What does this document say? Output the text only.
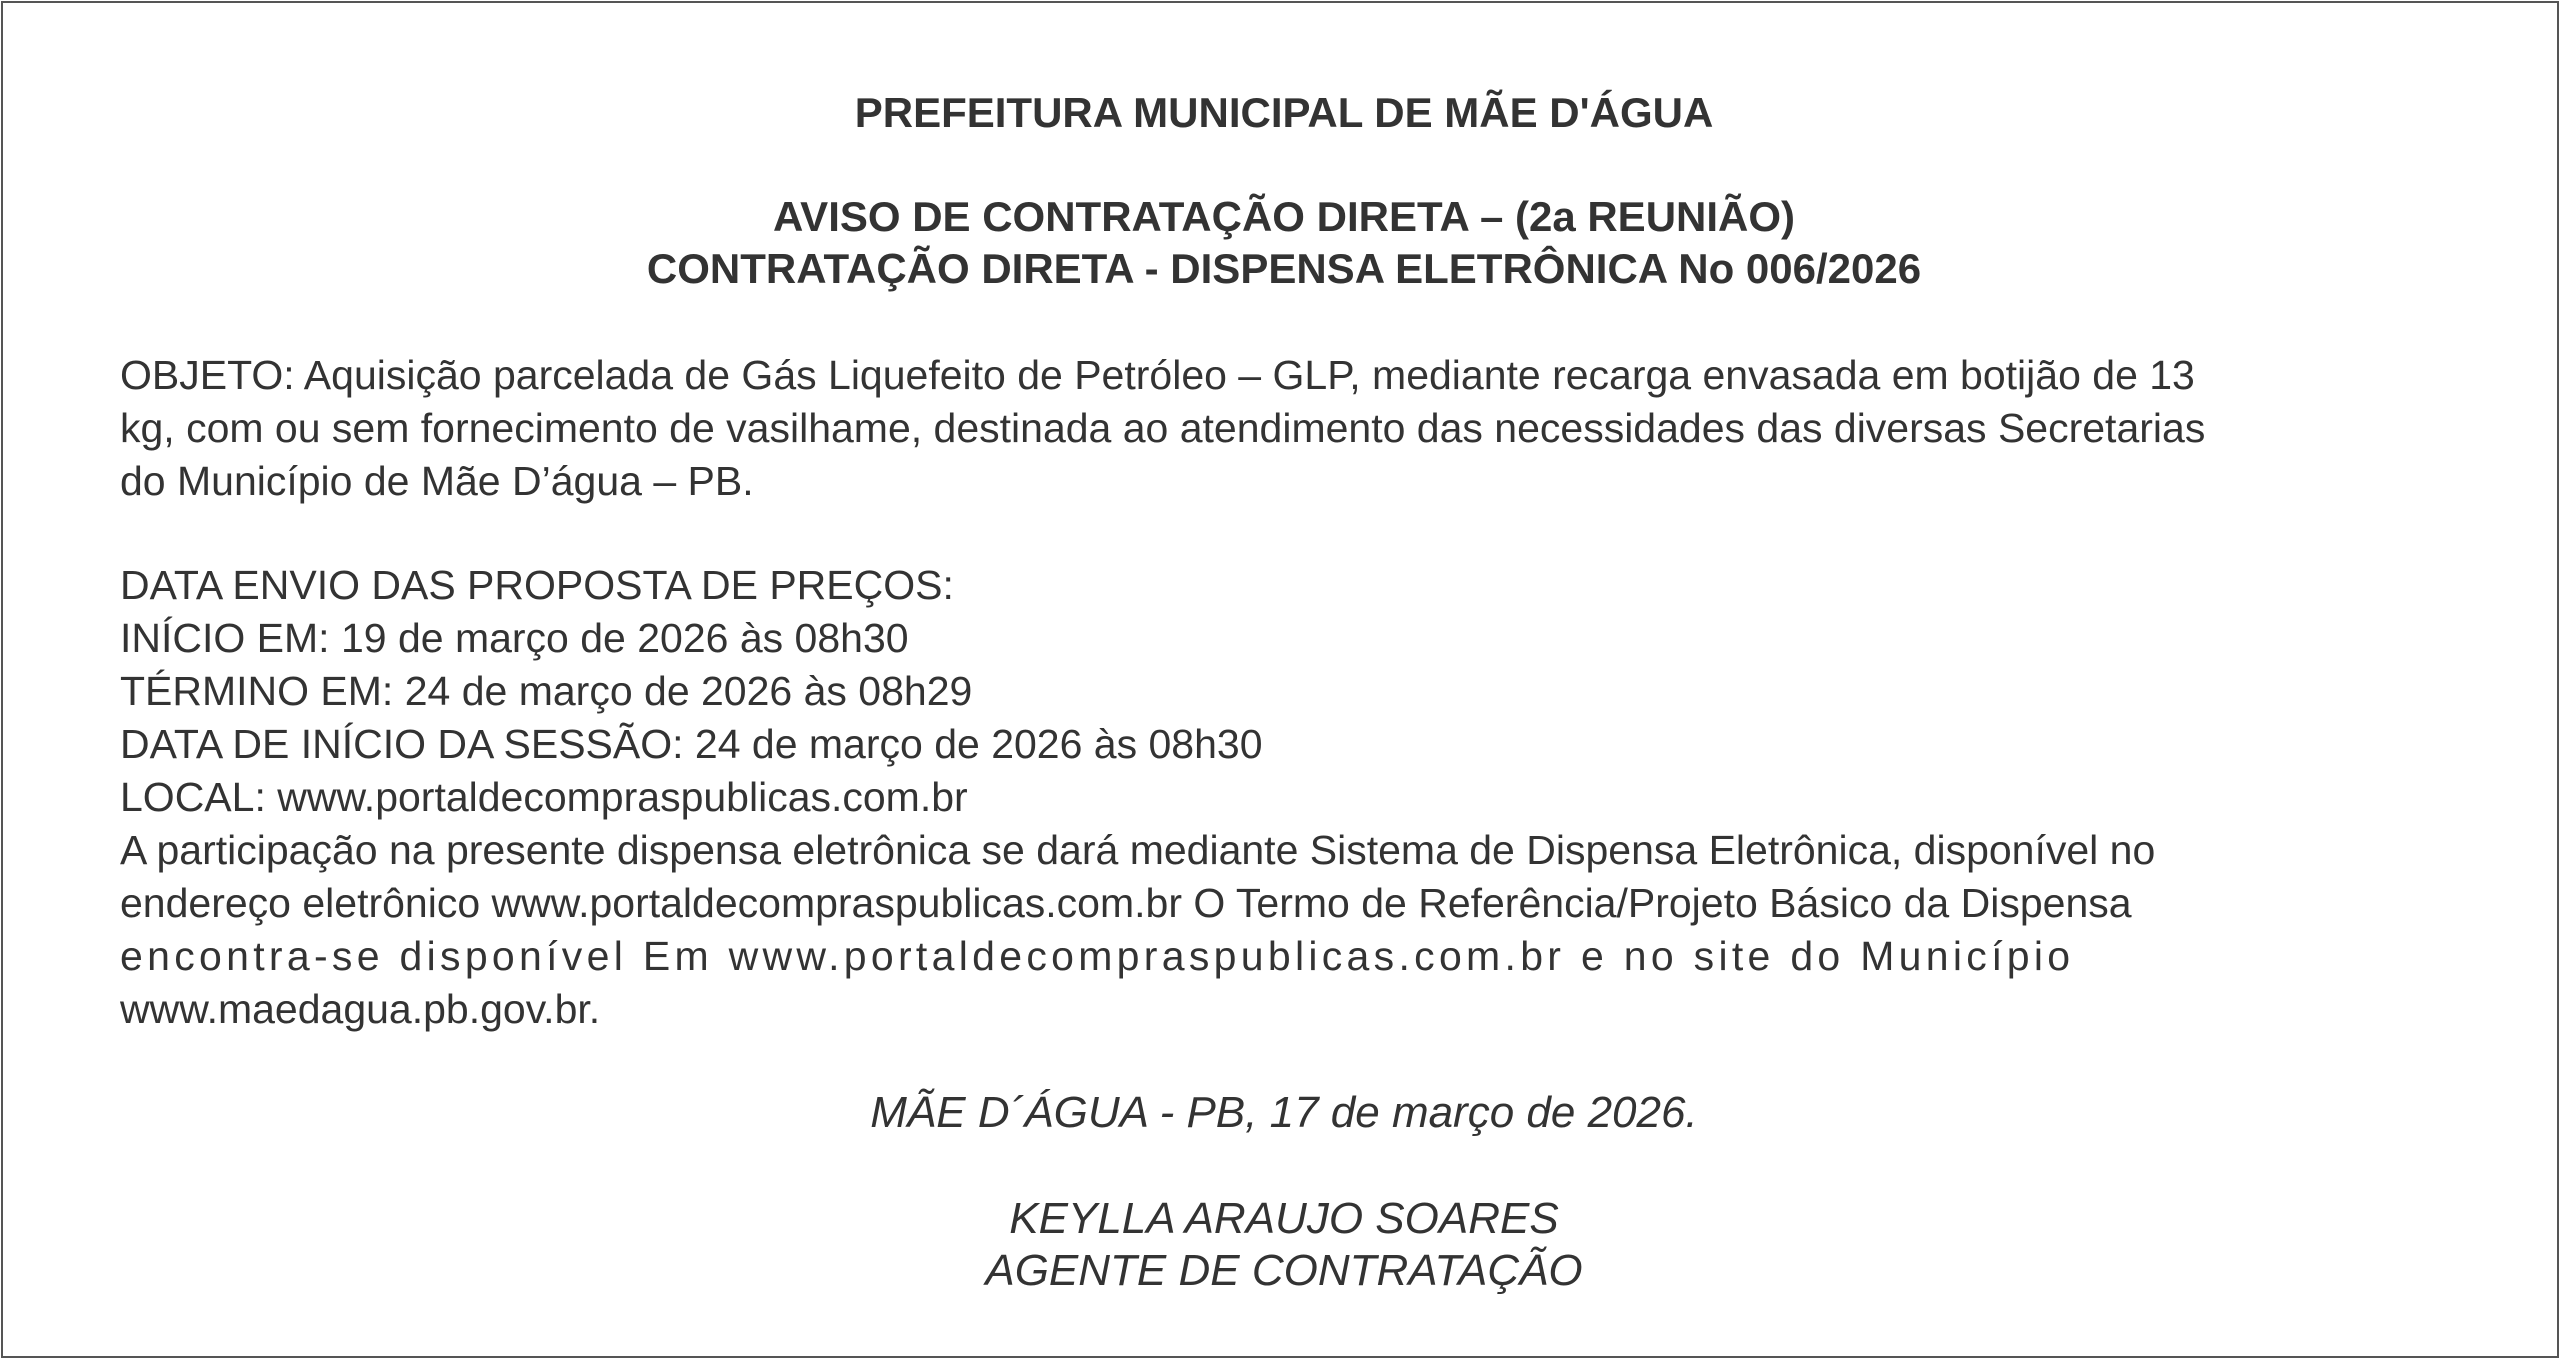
PREFEITURA MUNICIPAL DE MÃE D'ÁGUA
AVISO DE CONTRATAÇÃO DIRETA – (2a REUNIÃO)
CONTRATAÇÃO DIRETA - DISPENSA ELETRÔNICA No 006/2026

OBJETO: Aquisição parcelada de Gás Liquefeito de Petróleo – GLP, mediante recarga envasada em botijão de 13

kg, com ou sem fornecimento de vasilhame, destinada ao atendimento das necessidades das diversas Secretarias

do Município de Mãe D’água – PB.

DATA ENVIO DAS PROPOSTA DE PREÇOS:
INÍCIO EM: 19 de março de 2026 às 08h30
TÉRMINO EM: 24 de março de 2026 às 08h29
DATA DE INÍCIO DA SESSÃO: 24 de março de 2026 às 08h30
LOCAL: www.portaldecompraspublicas.com.br

A participação na presente dispensa eletrônica se dará mediante Sistema de Dispensa Eletrônica, disponível no

endereço eletrônico www.portaldecompraspublicas.com.br O Termo de Referência/Projeto Básico da Dispensa

encontra-se disponível Em www.portaldecompraspublicas.com.br e no site do Município

www.maedagua.pb.gov.br.

MÃE D´ÁGUA - PB, 17 de março de 2026.
KEYLLA ARAUJO SOARES
AGENTE DE CONTRATAÇÃO
